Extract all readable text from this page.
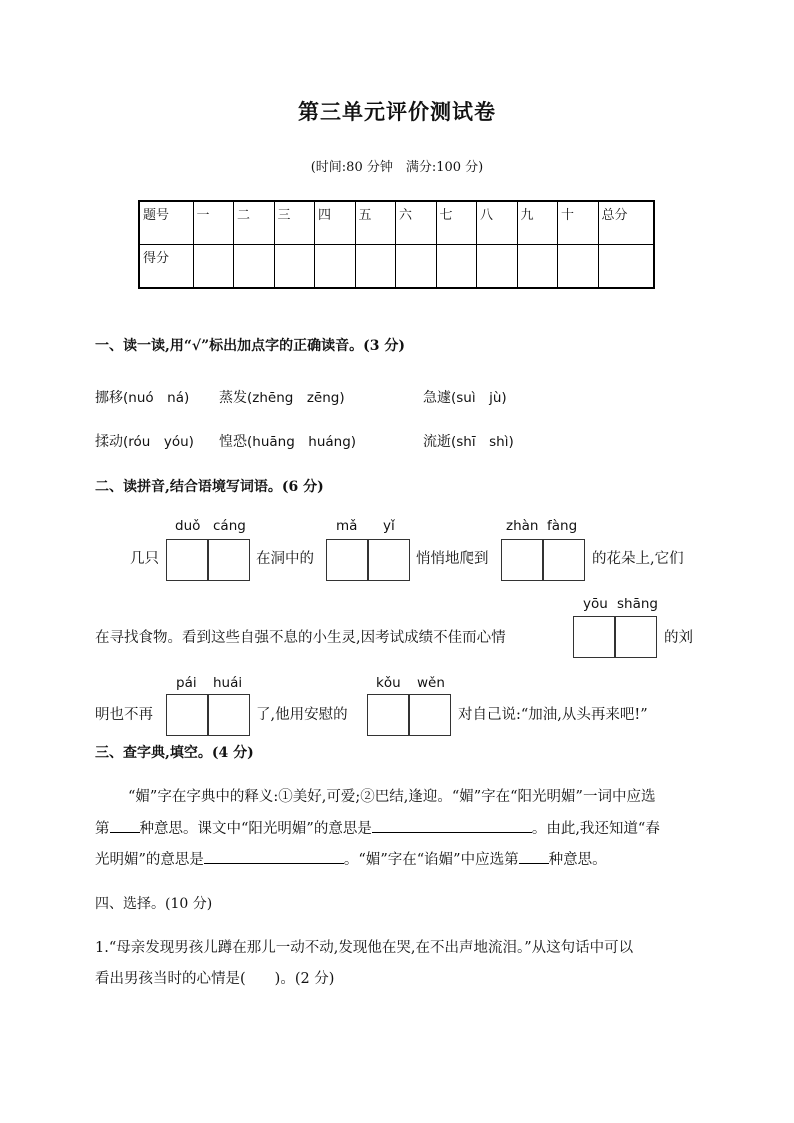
第三单元评价测试卷
(时间:80 分钟　满分:100 分)
题号	一	二	三	四	五	六	七	八	九	十	总分
得分											
一、读一读,用“√”标出加点字的正确读音。(3 分)
挪移(nuó　ná) 蒸发(zhēng　zēng)	急遽(suì　jù)
揉动(róu　yóu) 惶恐(huāng　huáng)	流逝(shī　shì)
二、读拼音,结合语境写词语。(6 分)
duǒ cáng	mǎ yǐ	zhàn fàng
几只	在洞中的	悄悄地爬到	的花朵上,它们
yōu shāng
在寻找食物。看到这些自强不息的小生灵,因考试成绩不佳而心情	的刘
pái huái	kǒu wěn
明也不再	了,他用安慰的	对自己说:“加油,从头再来吧!”
三、查字典,填空。(4 分)
“媚”字在字典中的释义:①美好,可爱;②巴结,逢迎。“媚”字在“阳光明媚”一词中应选
第 种意思。课文中“阳光明媚”的意思是	。由此,我还知道“春
光明媚”的意思是	。“媚”字在“谄媚”中应选第 种意思。
四、选择。(10 分)
1.“母亲发现男孩儿蹲在那儿一动不动,发现他在哭,在不出声地流泪。”从这句话中可以
看出男孩当时的心情是(　　)。(2 分)
